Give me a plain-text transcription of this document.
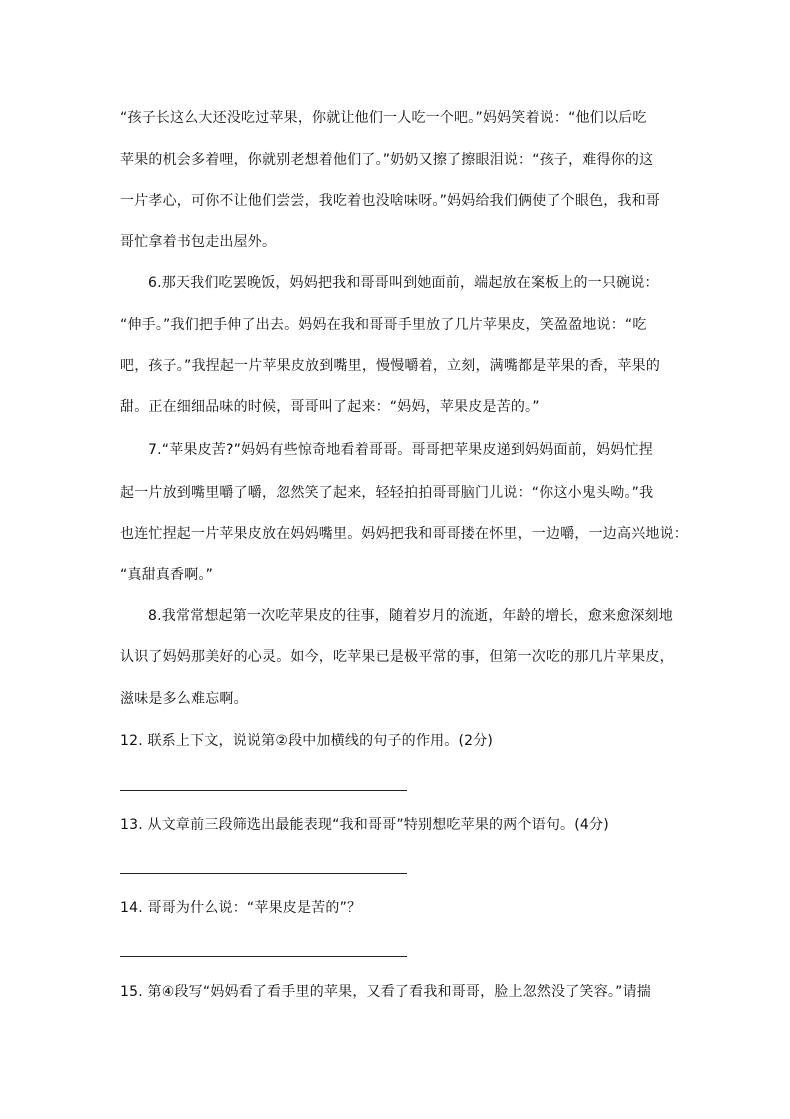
“孩子长这么大还没吃过苹果，你就让他们一人吃一个吧。”妈妈笑着说：“他们以后吃
苹果的机会多着哩，你就别老想着他们了。”奶奶又擦了擦眼泪说：“孩子，难得你的这
一片孝心，可你不让他们尝尝，我吃着也没啥味呀。”妈妈给我们俩使了个眼色，我和哥
哥忙拿着书包走出屋外。
6.那天我们吃罢晚饭，妈妈把我和哥哥叫到她面前，端起放在案板上的一只碗说：
“伸手。”我们把手伸了出去。妈妈在我和哥哥手里放了几片苹果皮，笑盈盈地说：“吃
吧，孩子。”我捏起一片苹果皮放到嘴里，慢慢嚼着，立刻，满嘴都是苹果的香，苹果的
甜。正在细细品味的时候，哥哥叫了起来：“妈妈，苹果皮是苦的。”
7.“苹果皮苦?”妈妈有些惊奇地看着哥哥。哥哥把苹果皮递到妈妈面前，妈妈忙捏
起一片放到嘴里嚼了嚼，忽然笑了起来，轻轻拍拍哥哥脑门儿说：“你这小鬼头呦。”我
也连忙捏起一片苹果皮放在妈妈嘴里。妈妈把我和哥哥搂在怀里，一边嚼，一边高兴地说：
“真甜真香啊。”
8.我常常想起第一次吃苹果皮的往事，随着岁月的流逝，年龄的增长，愈来愈深刻地
认识了妈妈那美好的心灵。如今，吃苹果已是极平常的事，但第一次吃的那几片苹果皮，
滋味是多么难忘啊。
12. 联系上下文，说说第②段中加横线的句子的作用。(2分)
13. 从文章前三段筛选出最能表现“我和哥哥”特别想吃苹果的两个语句。(4分)
14. 哥哥为什么说：“苹果皮是苦的”？
15. 第④段写“妈妈看了看手里的苹果，又看了看我和哥哥，脸上忽然没了笑容。”请揣
